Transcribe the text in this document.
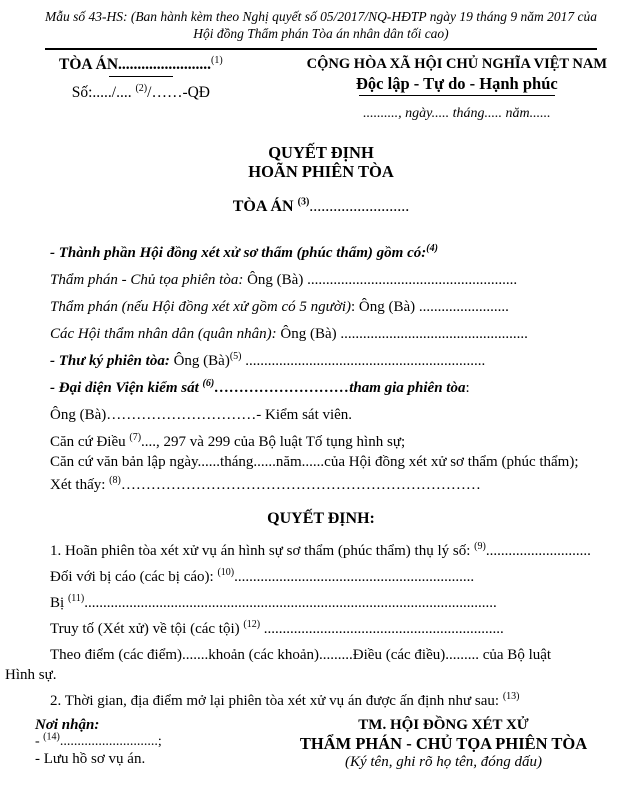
Mẫu số 43-HS: (Ban hành kèm theo Nghị quyết số 05/2017/NQ-HĐTP ngày 19 tháng 9 năm 2017 của
Hội đồng Thẩm phán Tòa án nhân dân tối cao)
TÒA ÁN........................$^{(1)}$
Số:...../.... $^{(2)}$/……-QĐ
CỘNG HÒA XÃ HỘI CHỦ NGHĨA VIỆT NAM
Độc lập - Tự do - Hạnh phúc
.........., ngày..... tháng..... năm......
QUYẾT ĐỊNH
HOÃN PHIÊN TÒA
TÒA ÁN $^{(3)}$.........................

- Thành phần Hội đồng xét xử sơ thẩm (phúc thẩm) gồm có:$^{(4)}$

Thẩm phán - Chủ tọa phiên tòa: Ông (Bà) ........................................................

Thẩm phán (nếu Hội đồng xét xử gồm có 5 người): Ông (Bà) ........................

Các Hội thẩm nhân dân (quân nhân): Ông (Bà) ..................................................

- Thư ký phiên tòa: Ông (Bà)$^{(5)}$ ................................................................

- Đại diện Viện kiểm sát $^{(6)}$………………………tham gia phiên tòa:

Ông (Bà)…………………………- Kiểm sát viên.

Căn cứ Điều $^{(7)}$...., 297 và 299 của Bộ luật Tố tụng hình sự;

Căn cứ văn bản lập ngày......tháng......năm......của Hội đồng xét xử sơ thẩm (phúc thẩm);

Xét thấy: $^{(8)}$………………………………………………………………

QUYẾT ĐỊNH:

1. Hoãn phiên tòa xét xử vụ án hình sự sơ thẩm (phúc thẩm) thụ lý số: $^{(9)}$............................

Đối với bị cáo (các bị cáo): $^{(10)}$................................................................

Bị $^{(11)}$..............................................................................................................

Truy tố (Xét xử) về tội (các tội) $^{(12)}$ ................................................................

Theo điểm (các điểm).......khoản (các khoản).........Điều (các điều)......... của Bộ luật
Hình sự.

2. Thời gian, địa điểm mở lại phiên tòa xét xử vụ án được ấn định như sau: $^{(13)}$

Nơi nhận:
- $^{(14)}$............................;
- Lưu hồ sơ vụ án.
TM. HỘI ĐỒNG XÉT XỬ
THẨM PHÁN - CHỦ TỌA PHIÊN TÒA
(Ký tên, ghi rõ họ tên, đóng dấu)
